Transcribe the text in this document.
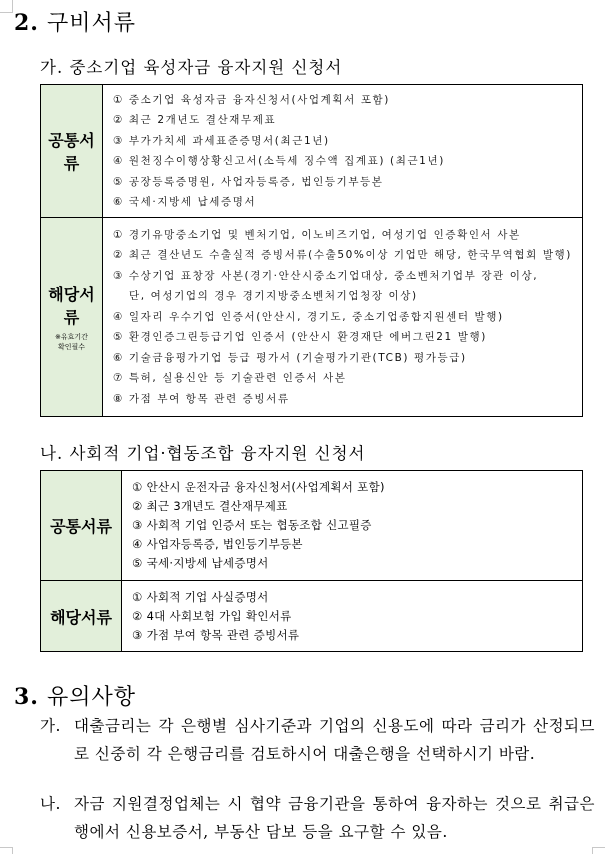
2. 구비서류
가. 중소기업 육성자금 융자지원 신청서
공통서류	
① 중소기업 육성자금 융자신청서(사업계획서 포함)
② 최근 2개년도 결산재무제표
③ 부가가치세 과세표준증명서(최근1년)
④ 원천징수이행상황신고서(소득세 징수액 집계표) (최근1년)
⑤ 공장등록증명원, 사업자등록증, 법인등기부등본
⑥ 국세·지방세 납세증명서

해당서류
※유효기간
확인필수

① 경기유망중소기업 및 벤처기업, 이노비즈기업, 여성기업 인증확인서 사본
② 최근 결산년도 수출실적 증빙서류(수출50%이상 기업만 해당, 한국무역협회 발행)
③ 수상기업 표창장 사본(경기·안산시중소기업대상, 중소벤처기업부 장관 이상,
단, 여성기업의 경우 경기지방중소벤처기업청장 이상)
④ 일자리 우수기업 인증서(안산시, 경기도, 중소기업종합지원센터 발행)
⑤ 환경인증그린등급기업 인증서 (안산시 환경재단 에버그린21 발행)
⑥ 기술금융평가기업 등급 평가서 (기술평가기관(TCB) 평가등급)
⑦ 특허, 실용신안 등 기술관련 인증서 사본
⑧ 가점 부여 항목 관련 증빙서류
나. 사회적 기업·협동조합 융자지원 신청서
공통서류	① 안산시 운전자금 융자신청서(사업계획서 포함)
② 최근 3개년도 결산재무제표
③ 사회적 기업 인증서 또는 협동조합 신고필증
④ 사업자등록증, 법인등기부등본
⑤ 국세·지방세 납세증명서

해당서류	① 사회적 기업 사실증명서
② 4대 사회보험 가입 확인서류
③ 가점 부여 항목 관련 증빙서류
3. 유의사항
가. 대출금리는 각 은행별 심사기준과 기업의 신용도에 따라 금리가 산정되므로 신중히 각 은행금리를 검토하시어 대출은행을 선택하시기 바람.
나. 자금 지원결정업체는 시 협약 금융기관을 통하여 융자하는 것으로 취급은행에서 신용보증서, 부동산 담보 등을 요구할 수 있음.
